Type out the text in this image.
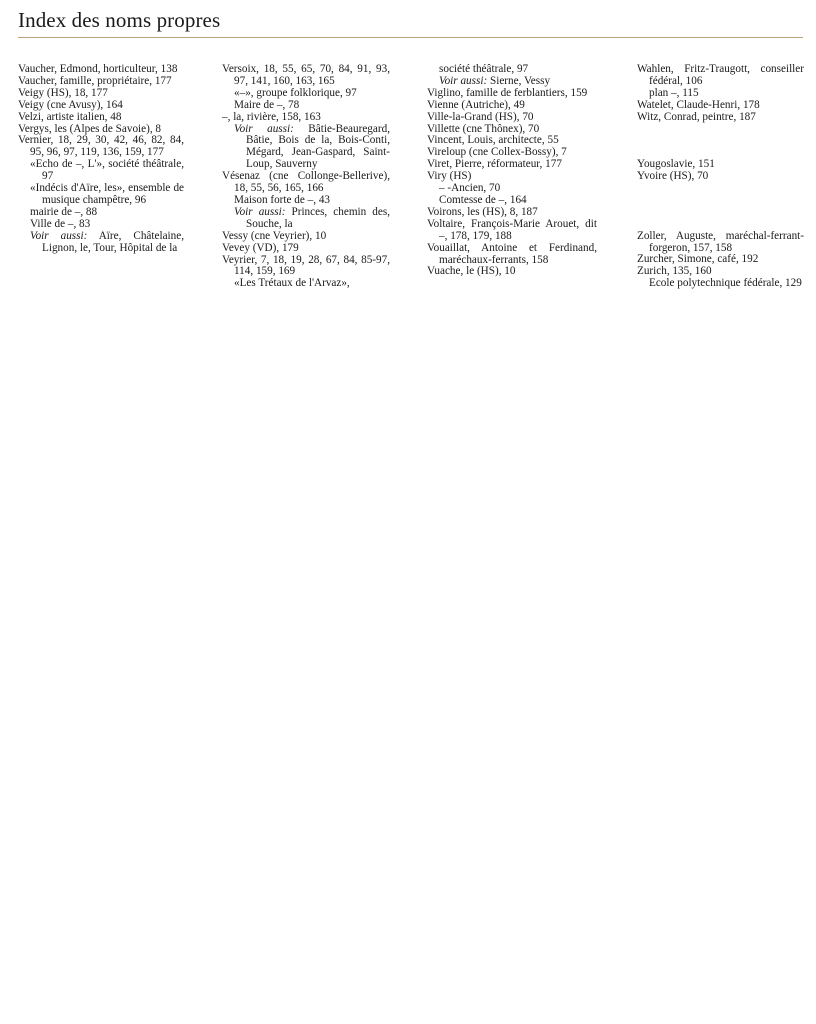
Index des noms propres
Vaucher, Edmond, horticulteur, 138
Vaucher, famille, propriétaire, 177
Veigy (HS), 18, 177
Veigy (cne Avusy), 164
Velzi, artiste italien, 48
Vergys, les (Alpes de Savoie), 8
Vernier, 18, 29, 30, 42, 46, 82, 84, 95, 96, 97, 119, 136, 159, 177
«Echo de –, L'», société théâtrale, 97
«Indécis d'Aïre, les», ensemble de musique champêtre, 96
mairie de –, 88
Ville de –, 83
Voir aussi: Aïre, Châtelaine, Lignon, le, Tour, Hôpital de la
Versoix, 18, 55, 65, 70, 84, 91, 93, 97, 141, 160, 163, 165
«–», groupe folklorique, 97
Maire de –, 78
–, la, rivière, 158, 163
Voir aussi: Bâtie-Beauregard, Bâtie, Bois de la, Bois-Conti, Mégard, Jean-Gaspard, Saint-Loup, Sauverny
Vésenaz (cne Collonge-Bellerive), 18, 55, 56, 165, 166
Maison forte de –, 43
Voir aussi: Princes, chemin des, Souche, la
Vessy (cne Veyrier), 10
Vevey (VD), 179
Veyrier, 7, 18, 19, 28, 67, 84, 85-97, 114, 159, 169
«Les Trétaux de l'Arvaz»,
société théâtrale, 97
Voir aussi: Sierne, Vessy
Viglino, famille de ferblantiers, 159
Vienne (Autriche), 49
Ville-la-Grand (HS), 70
Villette (cne Thônex), 70
Vincent, Louis, architecte, 55
Vireloup (cne Collex-Bossy), 7
Viret, Pierre, réformateur, 177
Viry (HS)
– -Ancien, 70
Comtesse de –, 164
Voirons, les (HS), 8, 187
Voltaire, François-Marie Arouet, dit –, 178, 179, 188
Vouaillat, Antoine et Ferdinand, maréchaux-ferrants, 158
Vuache, le (HS), 10
Wahlen, Fritz-Traugott, conseiller fédéral, 106
plan –, 115
Watelet, Claude-Henri, 178
Witz, Conrad, peintre, 187
Yougoslavie, 151
Yvoire (HS), 70
Zoller, Auguste, maréchal-ferrant-forgeron, 157, 158
Zurcher, Simone, café, 192
Zurich, 135, 160
Ecole polytechnique fédérale, 129
